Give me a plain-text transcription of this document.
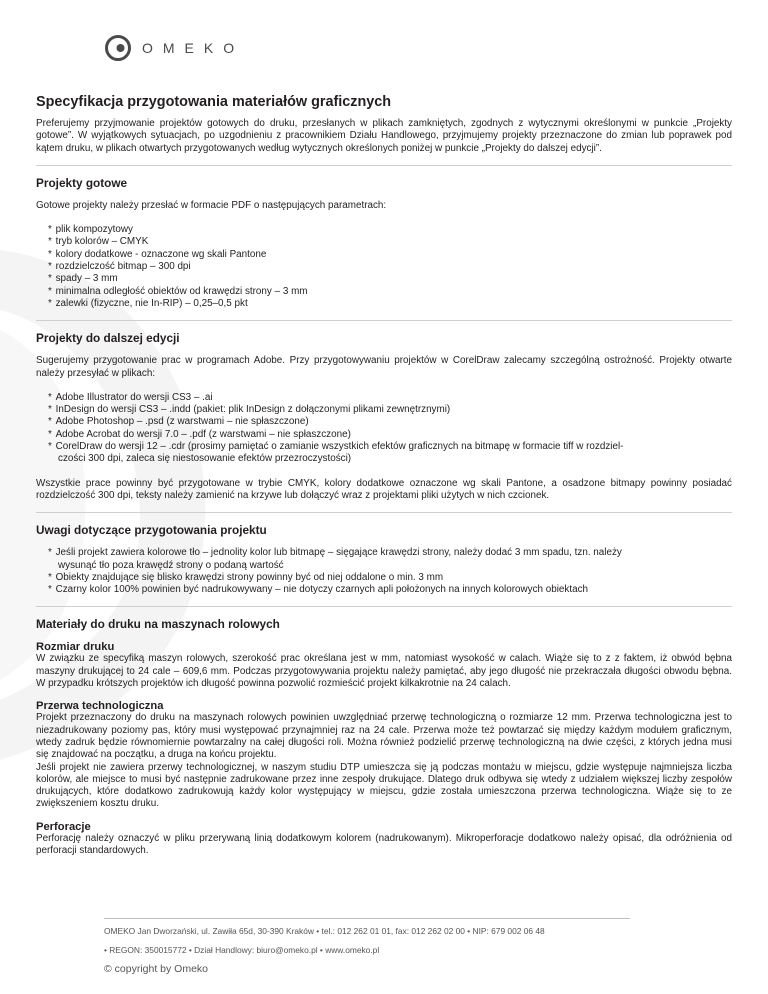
OMEKO
Specyfikacja przygotowania materiałów graficznych

Preferujemy przyjmowanie projektów gotowych do druku, przesłanych w plikach zamkniętych, zgodnych z wytycznymi określonymi w punkcie „Projekty gotowe”. W wyjątkowych sytuacjach, po uzgodnieniu z pracownikiem Działu Handlowego, przyjmujemy projekty przeznaczone do zmian lub poprawek pod kątem druku, w plikach otwartych przygotowanych według wytycznych określonych poniżej w punkcie „Projekty do dalszej edycji”.

Projekty gotowe

Gotowe projekty należy przesłać w formacie PDF o następujących parametrach:

* plik kompozytowy
* tryb kolorów – CMYK
* kolory dodatkowe - oznaczone wg skali Pantone
* rozdzielczość bitmap – 300 dpi
* spady – 3 mm
* minimalna odległość obiektów od krawędzi strony – 3 mm
* zalewki (fizyczne, nie In-RIP) – 0,25–0,5 pkt
Projekty do dalszej edycji

Sugerujemy przygotowanie prac w programach Adobe. Przy przygotowywaniu projektów w CorelDraw zalecamy szczególną ostrożność. Projekty otwarte należy przesyłać w plikach:

* Adobe Illustrator do wersji CS3 – .ai
* InDesign do wersji CS3 – .indd (pakiet: plik InDesign z dołączonymi plikami zewnętrznymi)
* Adobe Photoshop – .psd (z warstwami – nie spłaszczone)
* Adobe Acrobat do wersji 7.0 – .pdf (z warstwami – nie spłaszczone)
* CorelDraw do wersji 12 – .cdr (prosimy pamiętać o zamianie wszystkich efektów graficznych na bitmapę w formacie tiff w rozdziel-
czości 300 dpi, zaleca się niestosowanie efektów przezroczystości)

Wszystkie prace powinny być przygotowane w trybie CMYK, kolory dodatkowe oznaczone wg skali Pantone, a osadzone bitmapy powinny posiadać rozdzielczość 300 dpi, teksty należy zamienić na krzywe lub dołączyć wraz z projektami pliki użytych w nich czcionek.

Uwagi dotyczące przygotowania projektu
* Jeśli projekt zawiera kolorowe tło – jednolity kolor lub bitmapę – sięgające krawędzi strony, należy dodać 3 mm spadu, tzn. należy
wysunąć tło poza krawędź strony o podaną wartość
* Obiekty znajdujące się blisko krawędzi strony powinny być od niej oddalone o min. 3 mm
* Czarny kolor 100% powinien być nadrukowywany – nie dotyczy czarnych apli położonych na innych kolorowych obiektach
Materiały do druku na maszynach rolowych
Rozmiar druku

W związku ze specyfiką maszyn rolowych, szerokość prac określana jest w mm, natomiast wysokość w calach. Wiąże się to z z faktem, iż obwód bębna maszyny drukującej to 24 cale – 609,6 mm. Podczas przygotowywania projektu należy pamiętać, aby jego długość nie przekraczała długości obwodu bębna. W przypadku krótszych projektów ich długość powinna pozwolić rozmieścić projekt kilkakrotnie na 24 calach.

Przerwa technologiczna

Projekt przeznaczony do druku na maszynach rolowych powinien uwzględniać przerwę technologiczną o rozmiarze 12 mm. Przerwa technologiczna jest to niezadrukowany poziomy pas, który musi występować przynajmniej raz na 24 cale. Przerwa może też powtarzać się między każdym modułem graficznym, wtedy zadruk będzie równomiernie powtarzalny na całej długości roli. Można również podzielić przerwę technologiczną na dwie części, z których jedna musi się znajdować na początku, a druga na końcu projektu.

Jeśli projekt nie zawiera przerwy technologicznej, w naszym studiu DTP umieszcza się ją podczas montażu w miejscu, gdzie występuje najmniejsza liczba kolorów, ale miejsce to musi być następnie zadrukowane przez inne zespoły drukujące. Dlatego druk odbywa się wtedy z udziałem większej liczby zespołów drukujących, które dodatkowo zadrukowują każdy kolor występujący w miejscu, gdzie została umieszczona przerwa technologiczna. Wiąże się to ze zwiększeniem kosztu druku.

Perforacje

Perforację należy oznaczyć w pliku przerywaną linią dodatkowym kolorem (nadrukowanym). Mikroperforacje dodatkowo należy opisać, dla odróżnienia od perforacji standardowych.

OMEKO Jan Dworzański, ul. Zawiła 65d, 30-390 Kraków • tel.: 012 262 01 01, fax: 012 262 02 00 • NIP: 679 002 06 48
• REGON: 350015772 • Dział Handlowy: biuro@omeko.pl • www.omeko.pl
© copyright by Omeko
